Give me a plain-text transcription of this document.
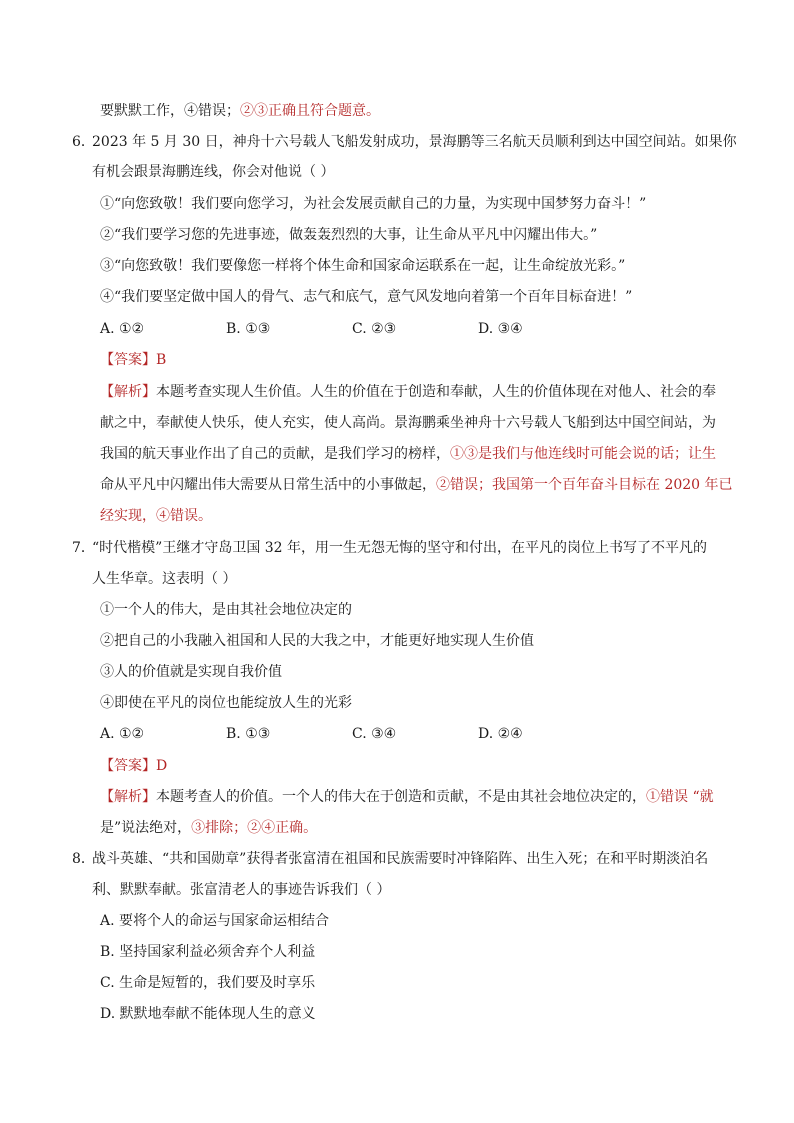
要默默工作，④错误；②③正确且符合题意。
6．
2023 年 5 月 30 日，神舟十六号载人飞船发射成功，景海鹏等三名航天员顺利到达中国空间站。如果你
有机会跟景海鹏连线，你会对他说（ ）
①“向您致敬！我们要向您学习，为社会发展贡献自己的力量，为实现中国梦努力奋斗！”
②“我们要学习您的先进事迹，做轰轰烈烈的大事，让生命从平凡中闪耀出伟大。”
③“向您致敬！我们要像您一样将个体生命和国家命运联系在一起，让生命绽放光彩。”
④“我们要坚定做中国人的骨气、志气和底气，意气风发地向着第一个百年目标奋进！”
A. ①②	B. ①③	C. ②③	D. ③④
【答案】B
【解析】本题考查实现人生价值。人生的价值在于创造和奉献，人生的价值体现在对他人、社会的奉
献之中，奉献使人快乐，使人充实，使人高尚。景海鹏乘坐神舟十六号载人飞船到达中国空间站，为
我国的航天事业作出了自己的贡献，是我们学习的榜样，①③是我们与他连线时可能会说的话；让生
命从平凡中闪耀出伟大需要从日常生活中的小事做起，②错误；我国第一个百年奋斗目标在 2020 年已
经实现，④错误。
7．
“时代楷模”王继才守岛卫国 32 年，用一生无怨无悔的坚守和付出，在平凡的岗位上书写了不平凡的
人生华章。这表明（ ）
①一个人的伟大，是由其社会地位决定的
②把自己的小我融入祖国和人民的大我之中，才能更好地实现人生价值
③人的价值就是实现自我价值
④即使在平凡的岗位也能绽放人生的光彩
A. ①②	B. ①③	C. ③④	D. ②④
【答案】D
【解析】本题考查人的价值。一个人的伟大在于创造和贡献，不是由其社会地位决定的，①错误 “就
是”说法绝对，③排除；②④正确。
8．
战斗英雄、“共和国勋章”获得者张富清在祖国和民族需要时冲锋陷阵、出生入死；在和平时期淡泊名
利、默默奉献。张富清老人的事迹告诉我们（ ）
A. 要将个人的命运与国家命运相结合
B. 坚持国家利益必须舍弃个人利益
C. 生命是短暂的，我们要及时享乐
D. 默默地奉献不能体现人生的意义
